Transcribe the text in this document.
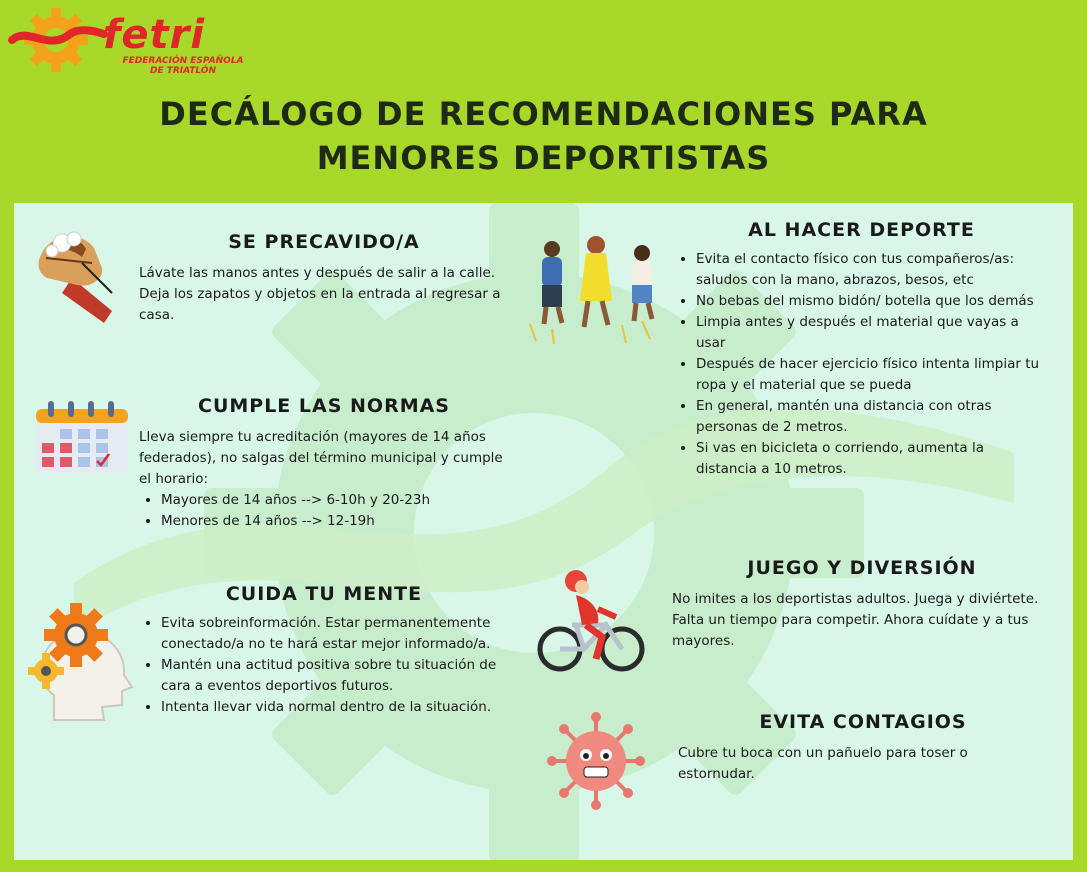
fetri
FEDERACIÓN ESPAÑOLA
DE TRIATLÓN
DECÁLOGO DE RECOMENDACIONES PARA
MENORES DEPORTISTAS
SE PRECAVIDO/A

Lávate las manos antes y después de salir a la calle. Deja los zapatos y objetos en la entrada al regresar a casa.

CUMPLE LAS NORMAS

Lleva siempre tu acreditación (mayores de 14 años federados), no salgas del término municipal y cumple el horario:

• Mayores de 14 años --> 6-10h y 20-23h
• Menores de 14 años --> 12-19h
CUIDA TU MENTE
• Evita sobreinformación. Estar permanentemente conectado/a no te hará estar mejor informado/a.
• Mantén una actitud positiva sobre tu situación de cara a eventos deportivos futuros.
• Intenta llevar vida normal dentro de la situación.
AL HACER DEPORTE
• Evita el contacto físico con tus compañeros/as: saludos con la mano, abrazos, besos, etc
• No bebas del mismo bidón/ botella que los demás
• Limpia antes y después el material que vayas a usar
• Después de hacer ejercicio físico intenta limpiar tu ropa y el material que se pueda
• En general, mantén una distancia con otras personas de 2 metros.
• Si vas en bicicleta o corriendo, aumenta la distancia a 10 metros.
JUEGO Y DIVERSIÓN

No imites a los deportistas adultos. Juega y diviértete.

Falta un tiempo para competir. Ahora cuídate y a tus mayores.

EVITA CONTAGIOS

Cubre tu boca con un pañuelo para toser o estornudar.
